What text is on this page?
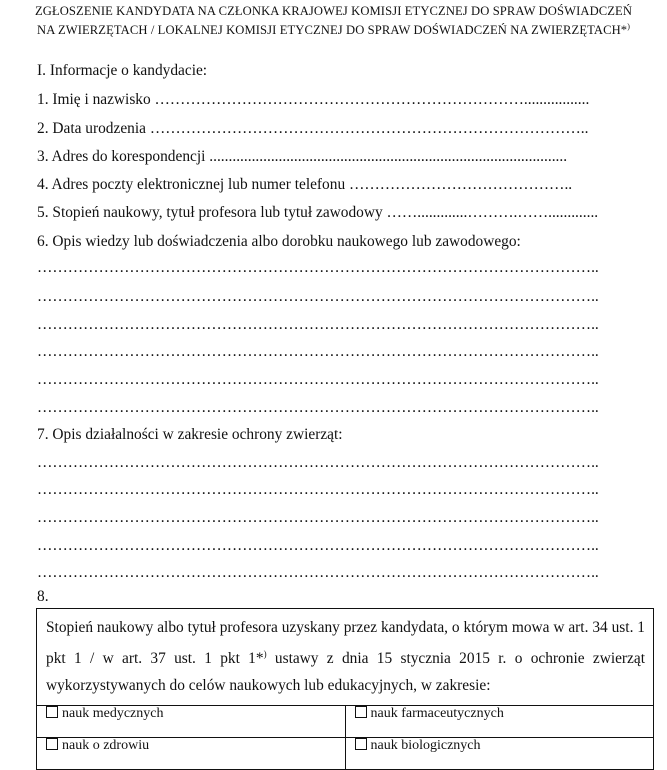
ZGŁOSZENIE KANDYDATA NA CZŁONKA KRAJOWEJ KOMISJI ETYCZNEJ DO SPRAW DOŚWIADCZEŃ
NA ZWIERZĘTACH / LOKALNEJ KOMISJI ETYCZNEJ DO SPRAW DOŚWIADCZEŃ NA ZWIERZĘTACH*)
I. Informacje o kandydacie:
1. Imię i nazwisko ……………………………………………………………….................
2. Data urodzenia …………………………………………………………………………..
3. Adres do korespondencji .............................................................................................
4. Adres poczty elektronicznej lub numer telefonu ……………………………………..
5. Stopień naukowy, tytuł profesora lub tytuł zawodowy …….............……….…….............
6. Opis wiedzy lub doświadczenia albo dorobku naukowego lub zawodowego:
………………………………………………………………………………………………..
………………………………………………………………………………………………..
………………………………………………………………………………………………..
………………………………………………………………………………………………..
………………………………………………………………………………………………..
………………………………………………………………………………………………..
7. Opis działalności w zakresie ochrony zwierząt:
………………………………………………………………………………………………..
………………………………………………………………………………………………..
………………………………………………………………………………………………..
………………………………………………………………………………………………..
………………………………………………………………………………………………..
8.
Stopień naukowy albo tytuł profesora uzyskany przez kandydata, o którym mowa w art. 34 ust. 1 pkt 1 / w art. 37 ust. 1 pkt 1*) ustawy z dnia 15 stycznia 2015 r. o ochronie zwierząt wykorzystywanych do celów naukowych lub edukacyjnych, w zakresie:	
nauk medycznych	nauk farmaceutycznych
nauk o zdrowiu	nauk biologicznych
